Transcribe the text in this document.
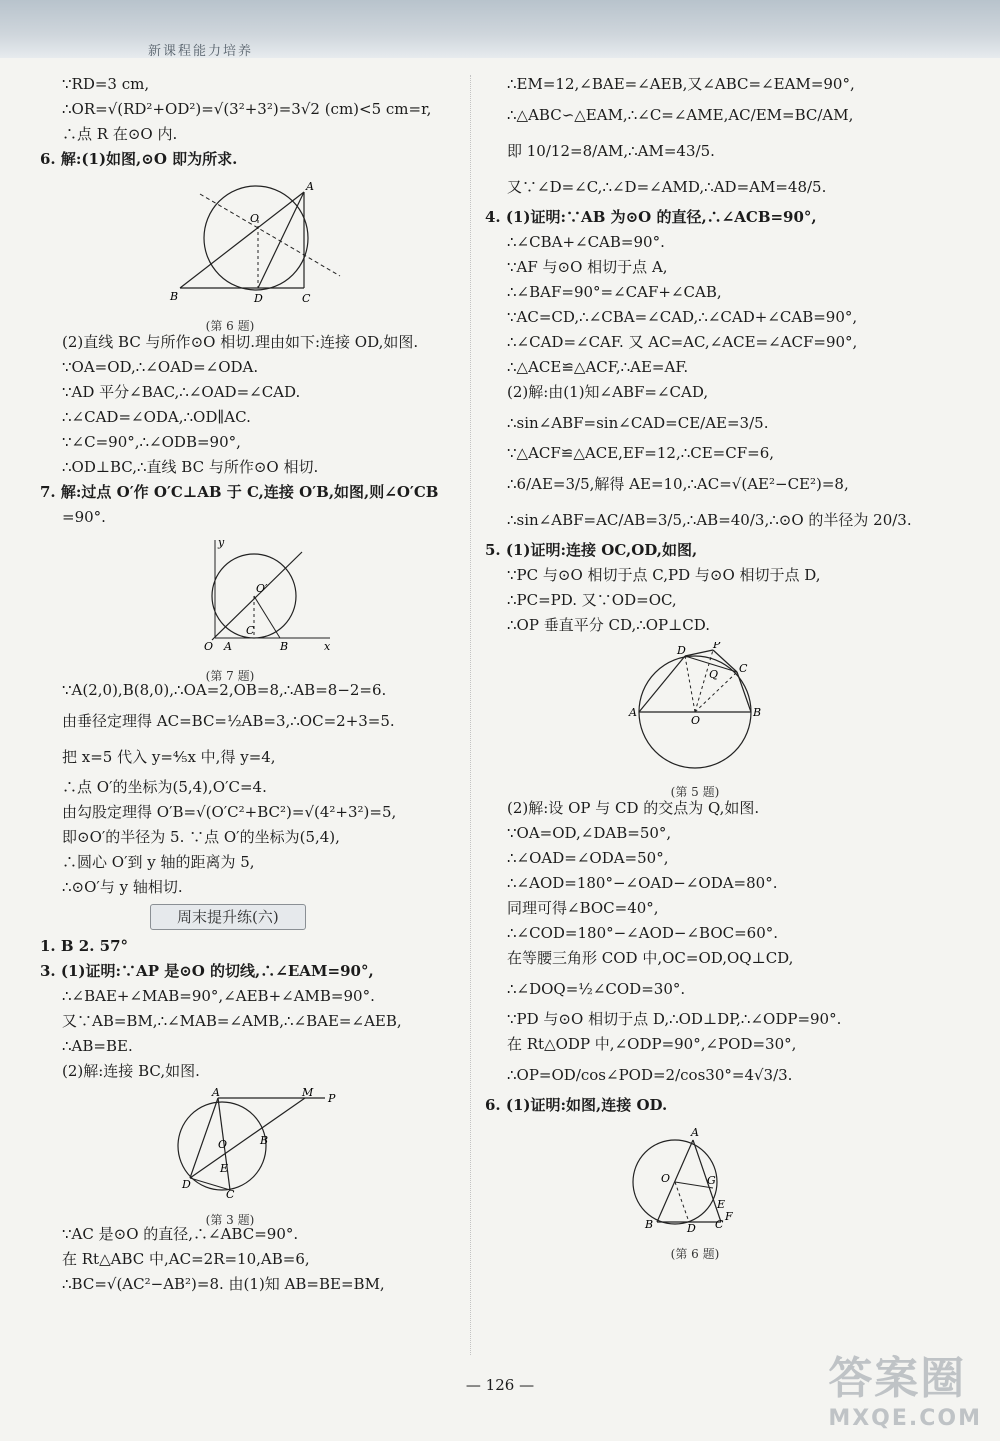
新课程能力培养
∵RD=3 cm,
∴OR=√(RD²+OD²)=√(3²+3²)=3√2 (cm)<5 cm=r,
∴点 R 在⊙O 内.
6. 解:(1)如图,⊙O 即为所求.
A
B	C
D
O
(第 6 题)
(2)直线 BC 与所作⊙O 相切.理由如下:连接 OD,如图.
∵OA=OD,∴∠OAD=∠ODA.
∵AD 平分∠BAC,∴∠OAD=∠CAD.
∴∠CAD=∠ODA,∴OD∥AC.
∵∠C=90°,∴∠ODB=90°,
∴OD⊥BC,∴直线 BC 与所作⊙O 相切.
7. 解:过点 O′作 O′C⊥AB 于 C,连接 O′B,如图,则∠O′CB
=90°.
O A	B
C
O′
x
y
(第 7 题)
∵A(2,0),B(8,0),∴OA=2,OB=8,∴AB=8−2=6.
由垂径定理得 AC=BC=½AB=3,∴OC=2+3=5.
把 x=5 代入 y=⅘x 中,得 y=4,
∴点 O′的坐标为(5,4),O′C=4.
由勾股定理得 O′B=√(O′C²+BC²)=√(4²+3²)=5,
即⊙O′的半径为 5. ∵点 O′的坐标为(5,4),
∴圆心 O′到 y 轴的距离为 5,
∴⊙O′与 y 轴相切.
周末提升练(六)
1. B 2. 57°
3. (1)证明:∵AP 是⊙O 的切线,∴∠EAM=90°,
∴∠BAE+∠MAB=90°,∠AEB+∠AMB=90°.
又∵AB=BM,∴∠MAB=∠AMB,∴∠BAE=∠AEB,
∴AB=BE.
(2)解:连接 BC,如图.
A	M P
D
C
O
E
B
(第 3 题)
∵AC 是⊙O 的直径,∴∠ABC=90°.
在 Rt△ABC 中,AC=2R=10,AB=6,
∴BC=√(AC²−AB²)=8. 由(1)知 AB=BE=BM,
∴EM=12,∠BAE=∠AEB,又∠ABC=∠EAM=90°,
∴△ABC∽△EAM,∴∠C=∠AME,AC/EM=BC/AM,
即 10/12=8/AM,∴AM=43/5.
又∵∠D=∠C,∴∠D=∠AMD,∴AD=AM=48/5.
4. (1)证明:∵AB 为⊙O 的直径,∴∠ACB=90°,
∴∠CBA+∠CAB=90°.
∵AF 与⊙O 相切于点 A,
∴∠BAF=90°=∠CAF+∠CAB,
∵AC=CD,∴∠CBA=∠CAD,∴∠CAD+∠CAB=90°,
∴∠CAD=∠CAF. 又 AC=AC,∠ACE=∠ACF=90°,
∴△ACE≌△ACF,∴AE=AF.
(2)解:由(1)知∠ABF=∠CAD,
∴sin∠ABF=sin∠CAD=CE/AE=3/5.
∵△ACF≌△ACE,EF=12,∴CE=CF=6,
∴6/AE=3/5,解得 AE=10,∴AC=√(AE²−CE²)=8,
∴sin∠ABF=AC/AB=3/5,∴AB=40/3,∴⊙O 的半径为 20/3.
5. (1)证明:连接 OC,OD,如图,
∵PC 与⊙O 相切于点 C,PD 与⊙O 相切于点 D,
∴PC=PD. 又∵OD=OC,
∴OP 垂直平分 CD,∴OP⊥CD.
D P
C
A	B
O
Q
(第 5 题)
(2)解:设 OP 与 CD 的交点为 Q,如图.
∵OA=OD,∠DAB=50°,
∴∠OAD=∠ODA=50°,
∴∠AOD=180°−∠OAD−∠ODA=80°.
同理可得∠BOC=40°,
∴∠COD=180°−∠AOD−∠BOC=60°.
在等腰三角形 COD 中,OC=OD,OQ⊥CD,
∴∠DOQ=½∠COD=30°.
∵PD 与⊙O 相切于点 D,∴OD⊥DP,∴∠ODP=90°.
在 Rt△ODP 中,∠ODP=90°,∠POD=30°,
∴OP=OD/cos∠POD=2/cos30°=4√3/3.
6. (1)证明:如图,连接 OD.
A
B	D C
F
E
O	G
(第 6 题)
— 126 —	答案圈
MXQE.COM
